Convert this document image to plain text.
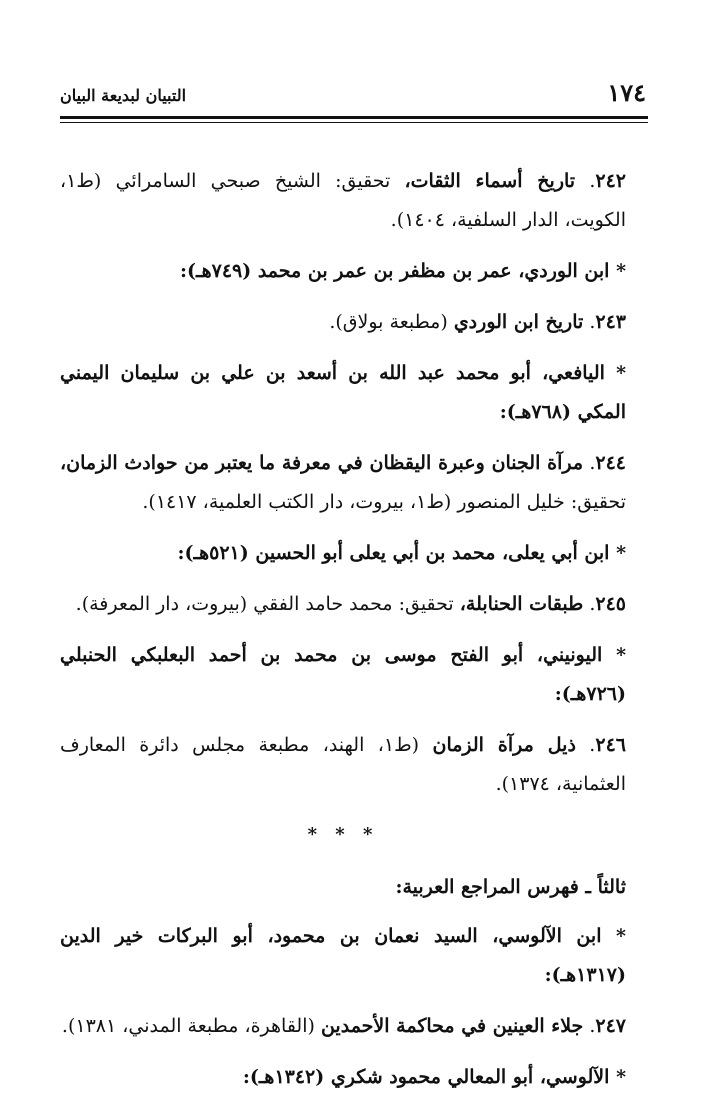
١٧٤
التبيان لبديعة البيان

٢٤٢. تاريخ أسماء الثقات، تحقيق: الشيخ صبحي السامرائي (ط١، الكويت، الدار السلفية، ١٤٠٤).

* ابن الوردي، عمر بن مظفر بن عمر بن محمد (٧٤٩هـ):

٢٤٣. تاريخ ابن الوردي (مطبعة بولاق).

* اليافعي، أبو محمد عبد الله بن أسعد بن علي بن سليمان اليمني المكي (٧٦٨هـ):

٢٤٤. مرآة الجنان وعبرة اليقظان في معرفة ما يعتبر من حوادث الزمان، تحقيق: خليل المنصور (ط١، بيروت، دار الكتب العلمية، ١٤١٧).

* ابن أبي يعلى، محمد بن أبي يعلى أبو الحسين (٥٢١هـ):

٢٤٥. طبقات الحنابلة، تحقيق: محمد حامد الفقي (بيروت، دار المعرفة).

* اليونيني، أبو الفتح موسى بن محمد بن أحمد البعلبكي الحنبلي (٧٢٦هـ):

٢٤٦. ذيل مرآة الزمان (ط١، الهند، مطبعة مجلس دائرة المعارف العثمانية، ١٣٧٤).

* * *

ثالثاً ـ فهرس المراجع العربية:

* ابن الآلوسي، السيد نعمان بن محمود، أبو البركات خير الدين (١٣١٧هـ):

٢٤٧. جلاء العينين في محاكمة الأحمدين (القاهرة، مطبعة المدني، ١٣٨١).

* الآلوسي، أبو المعالي محمود شكري (١٣٤٢هـ):
